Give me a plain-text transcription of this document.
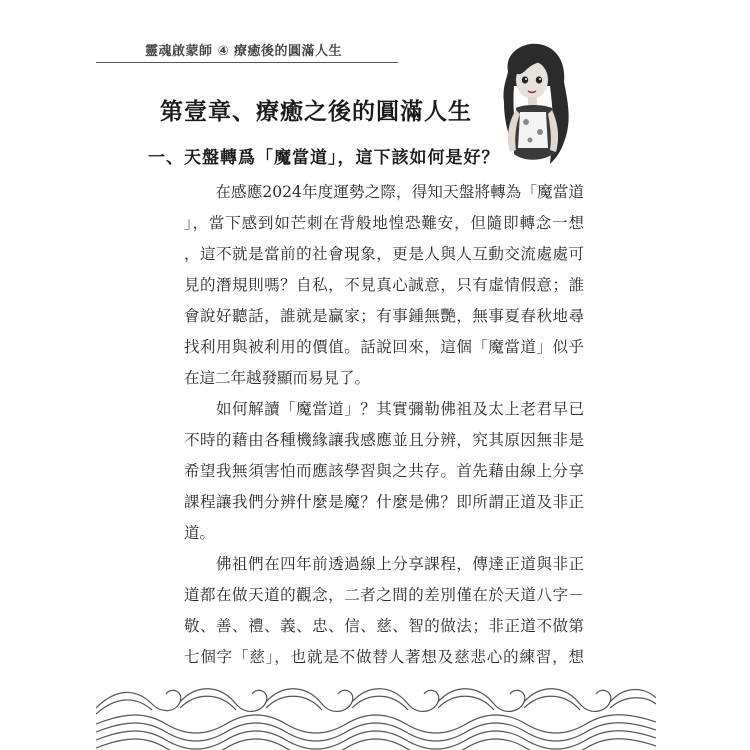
靈魂啟蒙師 ④ 療癒後的圓滿人生
第壹章、療癒之後的圓滿人生
一、天盤轉爲「魔當道」，這下該如何是好？
　　在感應2024年度運勢之際，得知天盤將轉為「魔當道
」，當下感到如芒刺在背般地惶恐難安，但隨即轉念一想
，這不就是當前的社會現象，更是人與人互動交流處處可
見的潛規則嗎？自私，不見真心誠意，只有虛情假意；誰
會說好聽話，誰就是贏家；有事鍾無艷，無事夏春秋地尋
找利用與被利用的價值。話說回來，這個「魔當道」似乎
在這二年越發顯而易見了。
　　如何解讀「魔當道」？其實彌勒佛祖及太上老君早已
不時的藉由各種機緣讓我感應並且分辨，究其原因無非是
希望我無須害怕而應該學習與之共存。首先藉由線上分享
課程讓我們分辨什麼是魔？什麼是佛？即所謂正道及非正
道。
　　佛祖們在四年前透過線上分享課程，傳達正道與非正
道都在做天道的觀念，二者之間的差別僅在於天道八字－
敬、善、禮、義、忠、信、慈、智的做法；非正道不做第
七個字「慈」，也就是不做替人著想及慈悲心的練習，想
